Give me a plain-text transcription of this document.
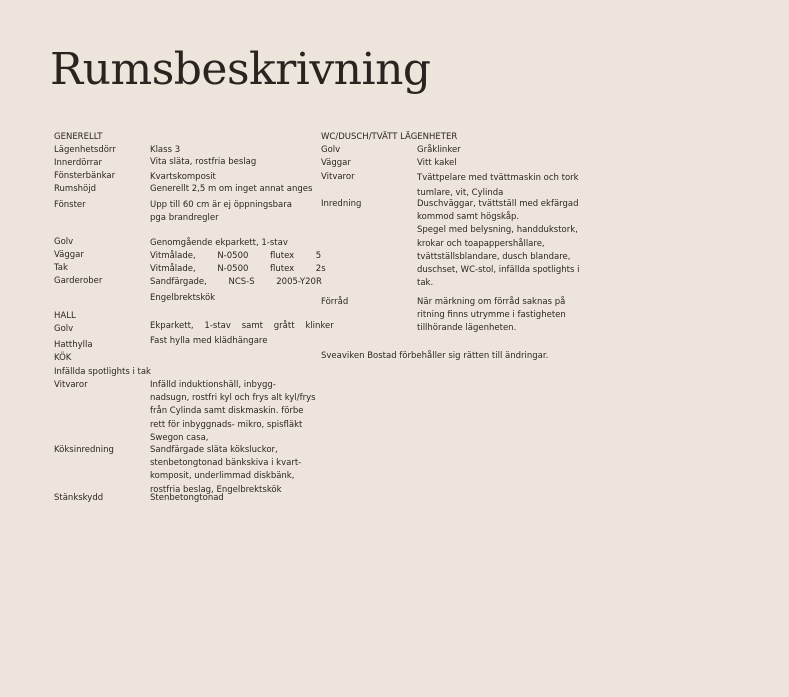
Rumsbeskrivning
GENERELLT
Lägenhetsdörr	Klass 3
Innerdörrar	Vita släta, rostfria beslag
Fönsterbänkar	Kvartskomposit
Rumshöjd	Generellt 2,5 m om inget annat anges
Fönster	Upp till 60 cm är ej öppningsbara pga brandregler
Golv	Genomgående ekparkett, 1-stav
Väggar	Vitmålade,        N-0500        flutex        5
Tak	Vitmålade,        N-0500        flutex        2s
Garderober	Sandfärgade,        NCS-S        2005-Y20R
Engelbrektskök
HALL
Golv	Ekparkett,    1-stav    samt    grått    klinker
Hatthylla	Fast hylla med klädhängare
KÖK
Infällda spotlights i tak
Vitvaror	Infälld induktionshäll, inbygg-
nadsugn, rostfri kyl och frys alt kyl/frys
från Cylinda samt diskmaskin. förbe
rett för inbyggnads- mikro, spisfläkt
Swegon casa,
Köksinredning	Sandfärgade släta köksluckor,
stenbetongtonad bänkskiva i kvart-
komposit, underlimmad diskbänk,
rostfria beslag, Engelbrektskök
Stänkskydd	Stenbetongtonad
WC/DUSCH/TVÄTT LÄGENHETER
Golv	Gråklinker
Väggar	Vitt kakel
Vitvaror	Tvättpelare med tvättmaskin och tork
tumlare, vit, Cylinda
Inredning	Duschväggar, tvättställ med ekfärgad
kommod samt högskåp.
Spegel med belysning, handdukstork,
krokar och toapappershållare,
tvättställsblandare, dusch blandare,
duschset, WC-stol, infällda spotlights i
tak.
Förråd	När märkning om förråd saknas på
ritning finns utrymme i fastigheten
tillhörande lägenheten.
Sveaviken Bostad förbehåller sig rätten till ändringar.
